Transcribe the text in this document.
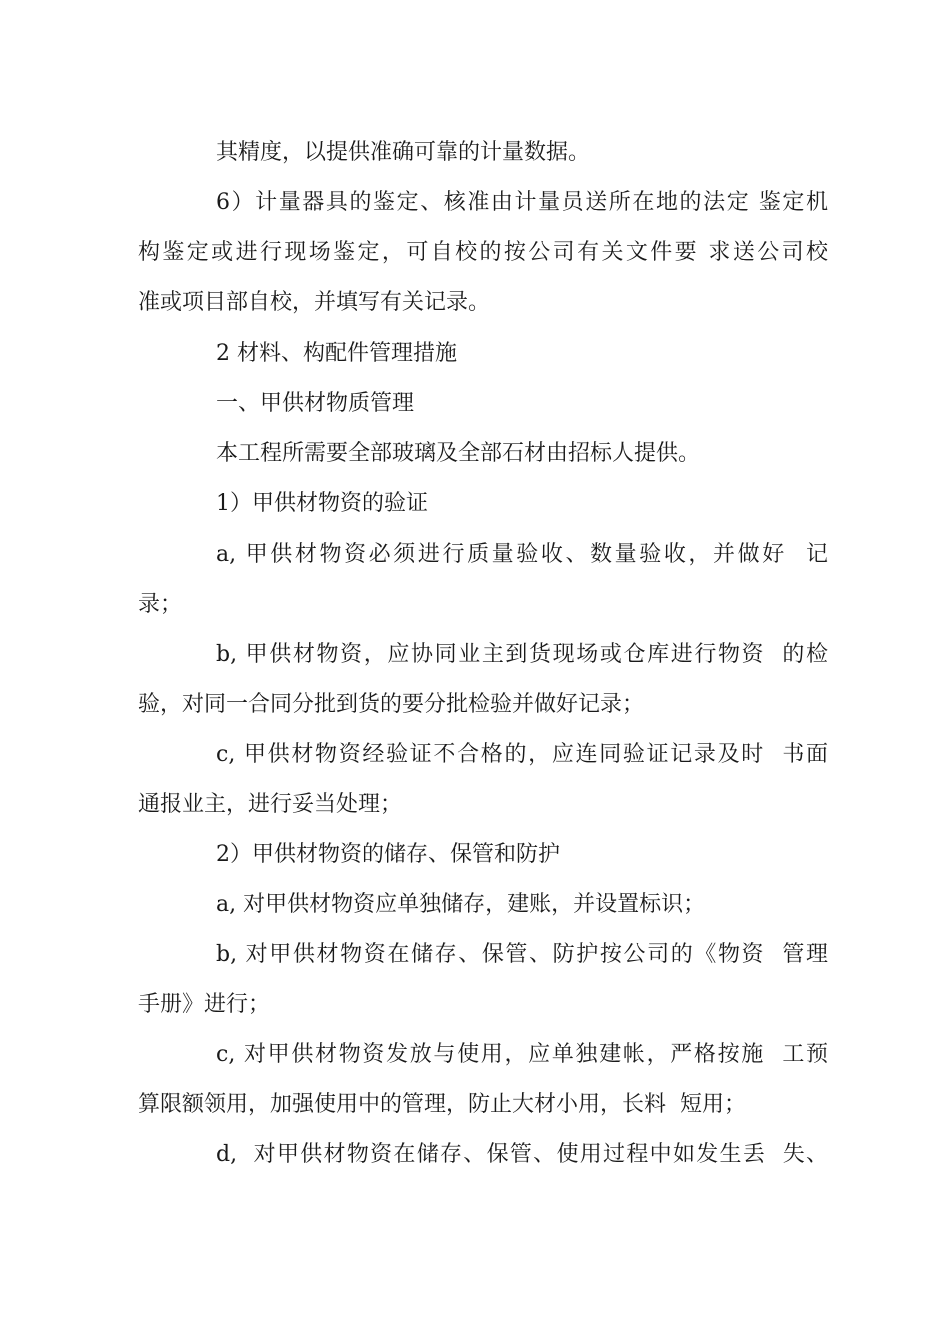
其精度，以提供准确可靠的计量数据。
6）计量器具的鉴定、核准由计量员送所在地的法定 鉴定机
构鉴定或进行现场鉴定，可自校的按公司有关文件要 求送公司校
准或项目部自校，并填写有关记录。
2 材料、构配件管理措施
一、甲供材物质管理
本工程所需要全部玻璃及全部石材由招标人提供。
1）甲供材物资的验证
a, 甲供材物资必须进行质量验收、数量验收，并做好  记
录；
b, 甲供材物资，应协同业主到货现场或仓库进行物资  的检
验，对同一合同分批到货的要分批检验并做好记录；
c, 甲供材物资经验证不合格的，应连同验证记录及时  书面
通报业主，进行妥当处理；
2）甲供材物资的储存、保管和防护
a, 对甲供材物资应单独储存，建账，并设置标识；
b, 对甲供材物资在储存、保管、防护按公司的《物资  管理
手册》进行；
c, 对甲供材物资发放与使用，应单独建帐，严格按施  工预
算限额领用，加强使用中的管理，防止大材小用，长料  短用；
d,  对甲供材物资在储存、保管、使用过程中如发生丢  失、
